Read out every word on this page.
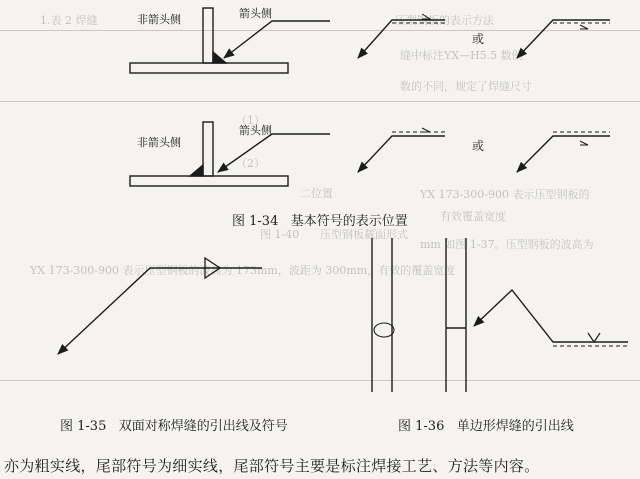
1.表 2 焊缝	压型钢板的表示方法
缝中标注YX—H5.5 数例
数的不同，规定了焊缝尺寸
（1）
（2）
二位置
图 1-40 压型钢板截面形式
YX 173-300-900 表示压型钢板的
有效覆盖宽度
mm 如图 1-37。压型钢板的波高为
YX 173-300-900 表示压型钢板的波高为 173mm，波距为 300mm，有效的覆盖宽度
非箭头侧	箭头侧
非箭头侧
箭头侧
或
或
图 1-34 基本符号的表示位置
图 1-35 双面对称焊缝的引出线及符号	图 1-36 单边形焊缝的引出线
亦为粗实线，尾部符号为细实线，尾部符号主要是标注焊接工艺、方法等内容。
